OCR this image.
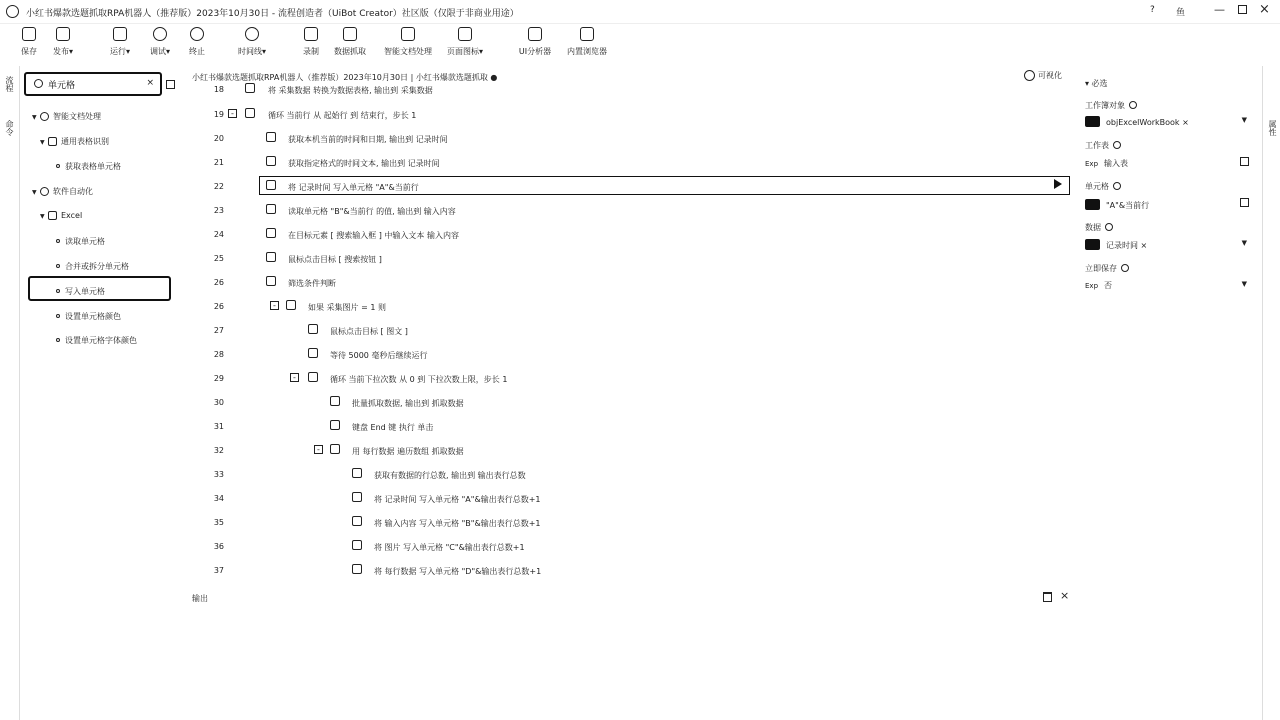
小红书爆款选题抓取RPA机器人（推荐版）2023年10月30日 - 流程创造者（UiBot Creator）社区版（仅限于非商业用途）	? 鱼	—	×
保存	发布▾	运行▾	调试▾	终止	时间线▾	录制	数据抓取	智能文档处理	页面图标▾	UI分析器	内置浏览器
流程
命令
单元格
×
▼ 智能文档处理
▼ 通用表格识别
获取表格单元格
▼ 软件自动化
▼ Excel
读取单元格
合并或拆分单元格
写入单元格
设置单元格颜色
设置单元格字体颜色
小红书爆款选题抓取RPA机器人（推荐版）2023年10月30日 | 小红书爆款选题抓取 ●	可视化
18	将 采集数据 转换为数据表格, 输出到 采集数据
19 -	循环 当前行 从 起始行 到 结束行，步长 1
20	获取本机当前的时间和日期, 输出到 记录时间
21	获取指定格式的时间文本, 输出到 记录时间
22	将 记录时间 写入单元格 "A"&当前行
23	读取单元格 "B"&当前行 的值, 输出到 输入内容
24	在目标元素 [ 搜索输入框 ] 中输入文本 输入内容
25	鼠标点击目标 [ 搜索按钮 ]
26	筛选条件判断
26	-	如果 采集图片 = 1 则
27	鼠标点击目标 [ 图文 ]
28	等待 5000 毫秒后继续运行
29	-	循环 当前下拉次数 从 0 到 下拉次数上限，步长 1
30	批量抓取数据, 输出到 抓取数据
31	键盘 End 键 执行 单击
32	-	用 每行数据 遍历数组 抓取数据
33	获取有数据的行总数, 输出到 输出表行总数
34	将 记录时间 写入单元格 "A"&输出表行总数+1
35	将 输入内容 写入单元格 "B"&输出表行总数+1
36	将 图片 写入单元格 "C"&输出表行总数+1
37	将 每行数据 写入单元格 "D"&输出表行总数+1
输出	×
▾ 必选
工作簿对象
objExcelWorkBook ×	▼
工作表
Exp 输入表
单元格
"A"&当前行
数据
记录时间 ×	▼
立即保存
Exp 否	▼
属性
